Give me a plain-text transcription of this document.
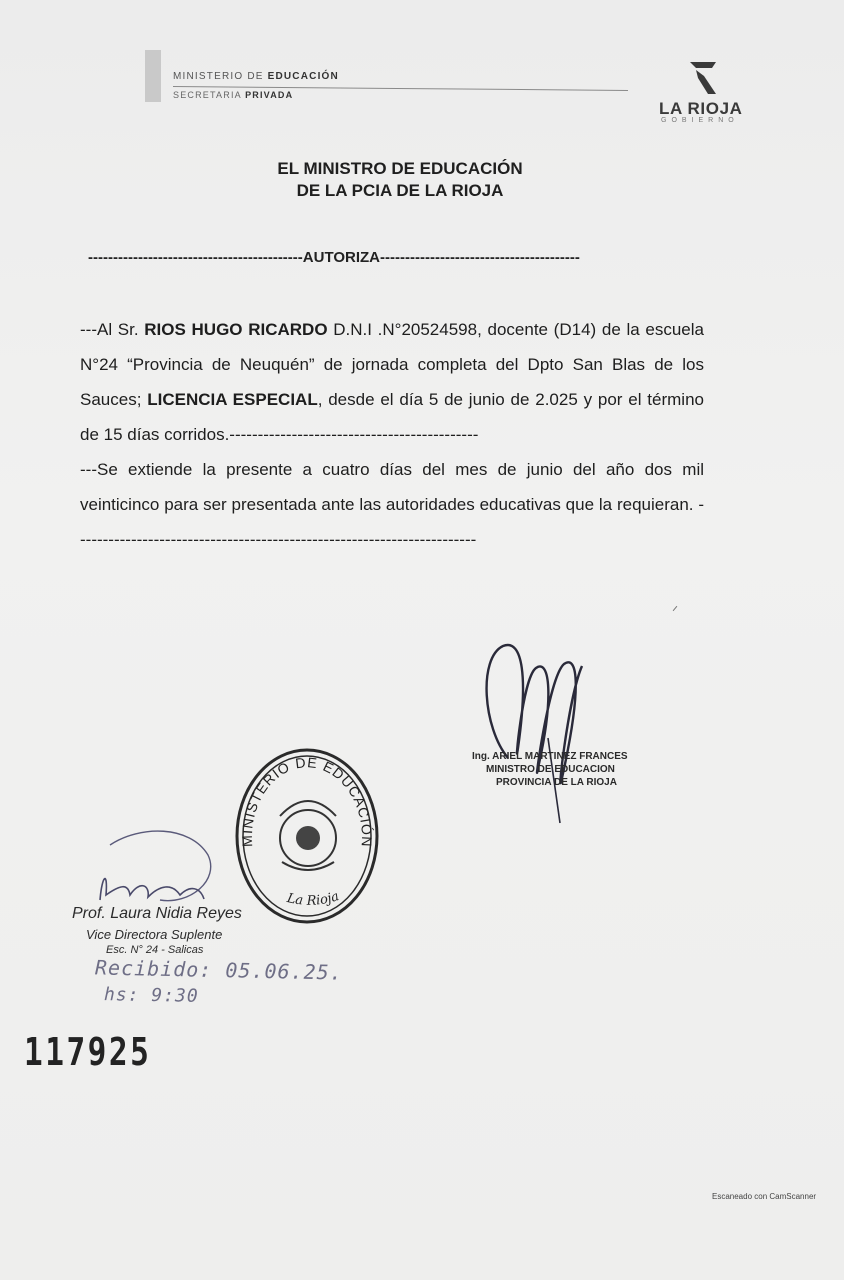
MINISTERIO DE EDUCACIÓN
SECRETARIA PRIVADA
LA RIOJA
GOBIERNO
EL MINISTRO DE EDUCACIÓN
DE LA PCIA DE LA RIOJA
-------------------------------------------AUTORIZA----------------------------------------

---Al Sr. RIOS HUGO RICARDO D.N.I .N°20524598, docente (D14) de la escuela N°24 “Provincia de Neuquén” de jornada completa del Dpto San Blas de los Sauces; LICENCIA ESPECIAL, desde el día 5 de junio de 2.025 y por el término de 15 días corridos.--------------------------------------------

---Se extiende la presente a cuatro días del mes de junio del año dos mil veinticinco para ser presentada ante las autoridades educativas que la requieran. -----------------------------------------------------------------------

Ing. ARIEL MARTINEZ FRANCES
MINISTRO DE EDUCACION
PROVINCIA DE LA RIOJA
MINISTERIO DE EDUCACIÓN
La Rioja
Prof. Laura Nidia Reyes
Vice Directora Suplente
Esc. N° 24 - Salicas
Recibido: 05.06.25.
hs: 9:30
117925
Escaneado con CamScanner
